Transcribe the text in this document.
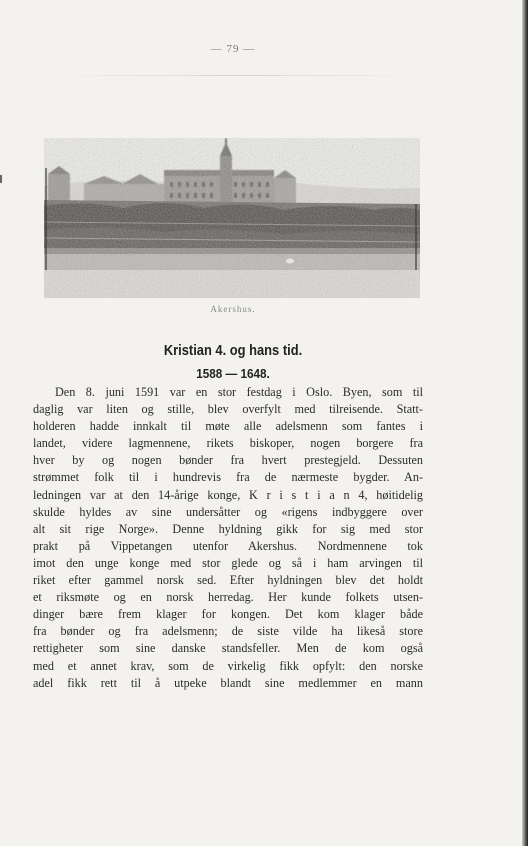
— 79 —
Akershus.
Kristian 4. og hans tid.
1588 — 1648.
Den 8. juni 1591 var en stor festdag i Oslo. Byen, som til
daglig var liten og stille, blev overfylt med tilreisende. Statt-
holderen hadde innkalt til møte alle adelsmenn som fantes i
landet, videre lagmennene, rikets biskoper, nogen borgere fra
hver by og nogen bønder fra hvert prestegjeld. Dessuten
strømmet folk til i hundrevis fra de nærmeste bygder. An-
ledningen var at den 14-årige konge, K r i s t i a n 4, høitidelig
skulde hyldes av sine undersåtter og «rigens indbyggere over
alt sit rige Norge». Denne hyldning gikk for sig med stor
prakt på Vippetangen utenfor Akershus. Nordmennene tok
imot den unge konge med stor glede og så i ham arvingen til
riket efter gammel norsk sed. Efter hyldningen blev det holdt
et riksmøte og en norsk herredag. Her kunde folkets utsen-
dinger bære frem klager for kongen. Det kom klager både
fra bønder og fra adelsmenn; de siste vilde ha likeså store
rettigheter som sine danske standsfeller. Men de kom også
med et annet krav, som de virkelig fikk opfylt: den norske
adel fikk rett til å utpeke blandt sine medlemmer en mann
